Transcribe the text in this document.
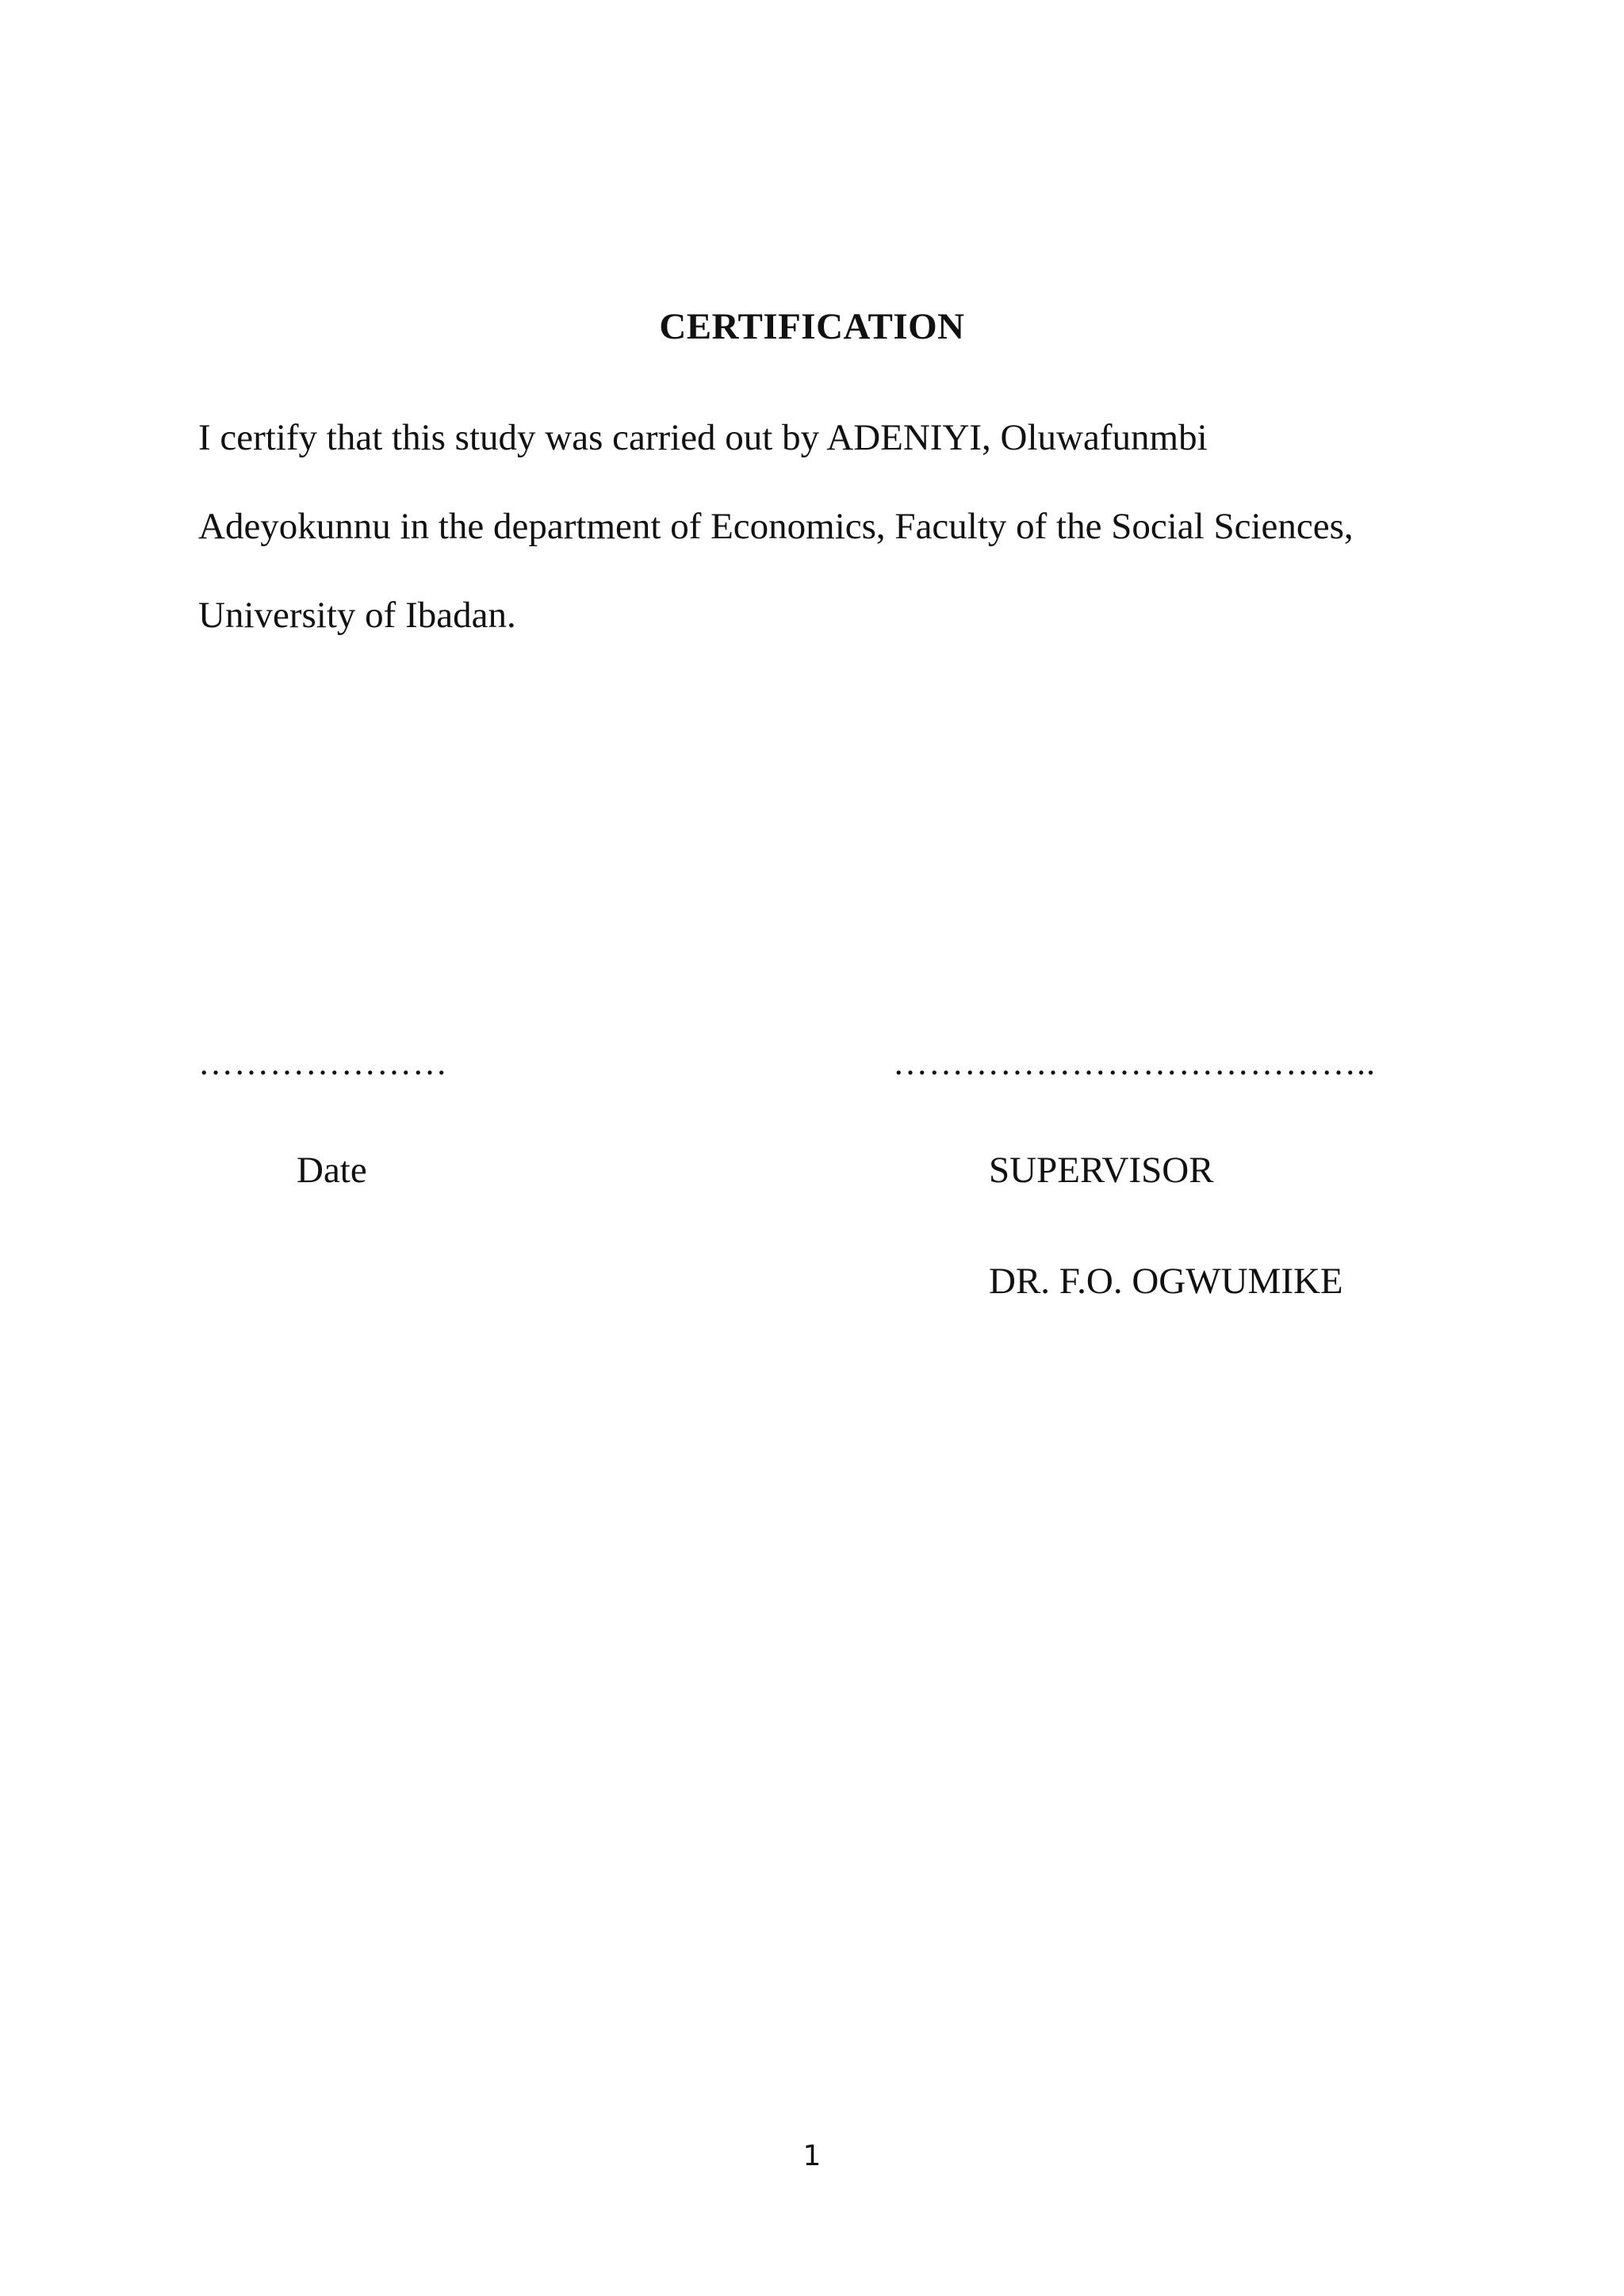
CERTIFICATION

I certify that this study was carried out by ADENIYI, Oluwafunmbi

Adeyokunnu in the department of Economics, Faculty of the Social Sciences,

University of Ibadan.

…………………	…………………………………..
Date	SUPERVISOR
DR. F.O. OGWUMIKE
1
